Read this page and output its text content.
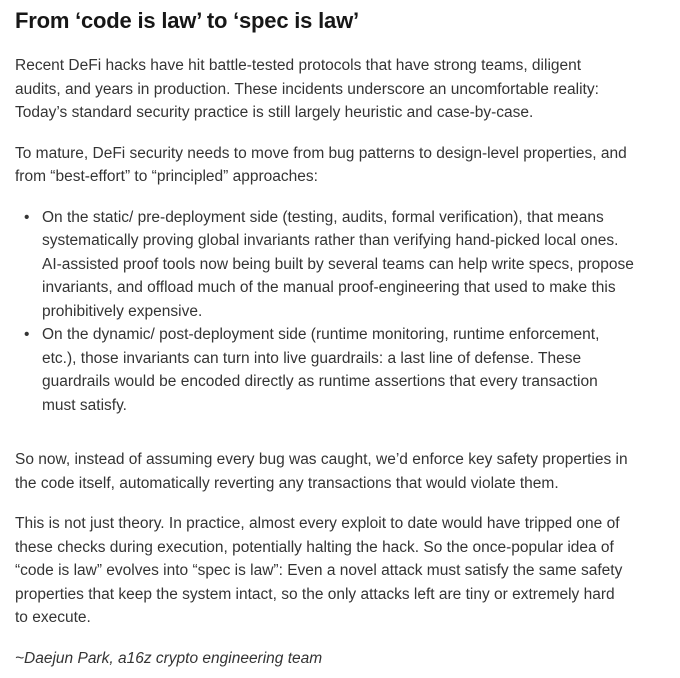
From ‘code is law’ to ‘spec is law’

Recent DeFi hacks have hit battle-tested protocols that have strong teams, diligent
audits, and years in production. These incidents underscore an uncomfortable reality:
Today’s standard security practice is still largely heuristic and case-by-case.

To mature, DeFi security needs to move from bug patterns to design-level properties, and
from “best-effort” to “principled” approaches:

• On the static/ pre-deployment side (testing, audits, formal verification), that means
systematically proving global invariants rather than verifying hand-picked local ones.
AI-assisted proof tools now being built by several teams can help write specs, propose
invariants, and offload much of the manual proof-engineering that used to make this
prohibitively expensive.
• On the dynamic/ post-deployment side (runtime monitoring, runtime enforcement,
etc.), those invariants can turn into live guardrails: a last line of defense. These
guardrails would be encoded directly as runtime assertions that every transaction
must satisfy.

So now, instead of assuming every bug was caught, we’d enforce key safety properties in
the code itself, automatically reverting any transactions that would violate them.

This is not just theory. In practice, almost every exploit to date would have tripped one of
these checks during execution, potentially halting the hack. So the once-popular idea of
“code is law” evolves into “spec is law”: Even a novel attack must satisfy the same safety
properties that keep the system intact, so the only attacks left are tiny or extremely hard
to execute.

~Daejun Park, a16z crypto engineering team
